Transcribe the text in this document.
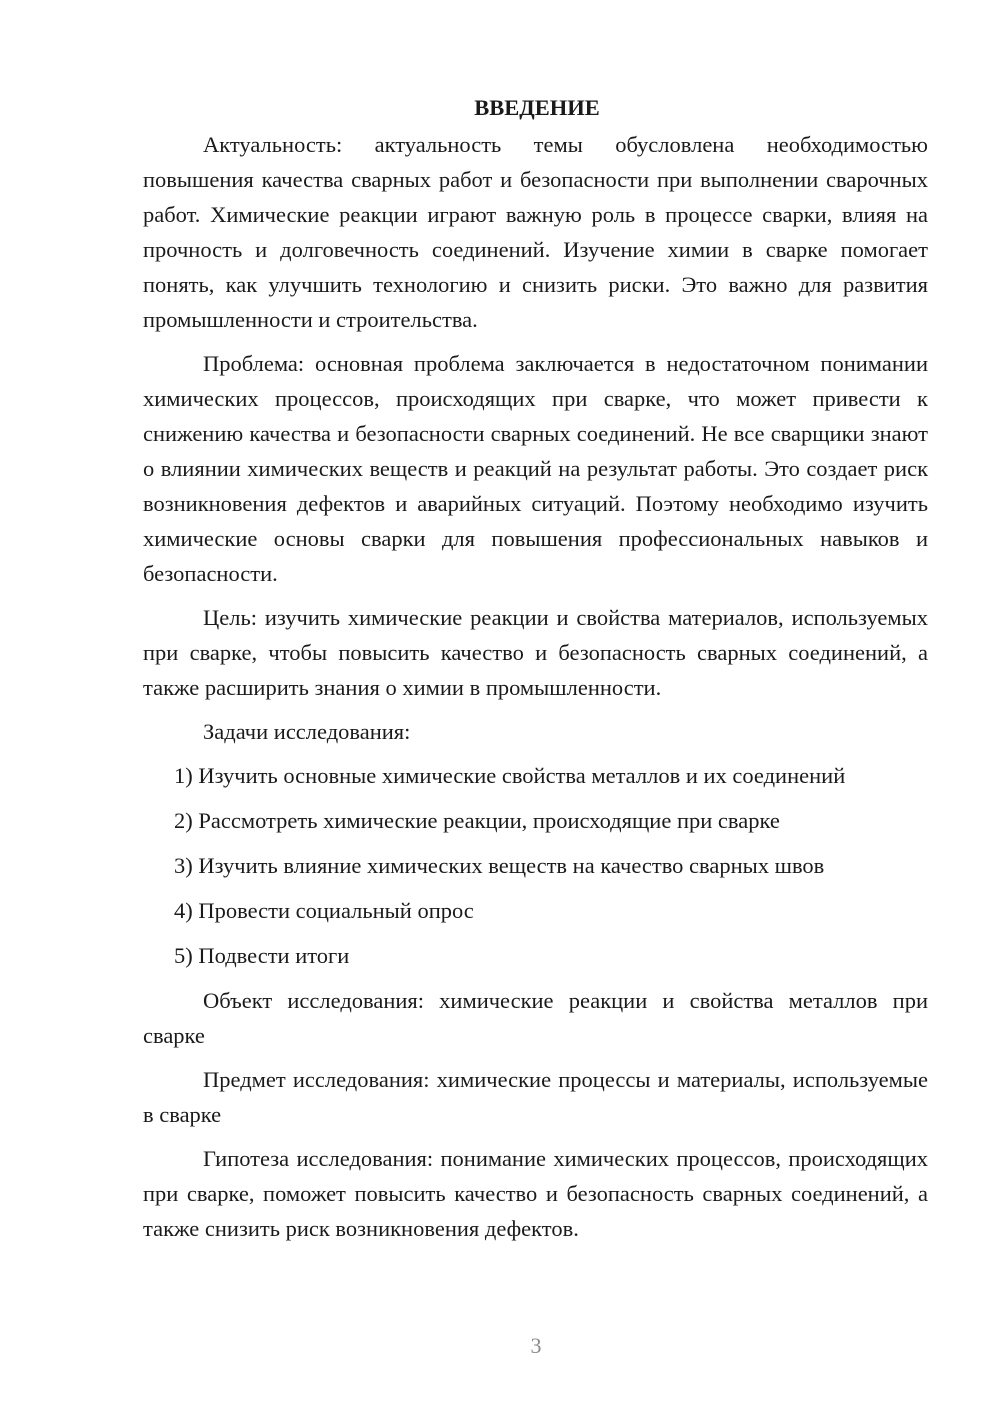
ВВЕДЕНИЕ

Актуальность: актуальность темы обусловлена необходимостью повышения качества сварных работ и безопасности при выполнении сварочных работ. Химические реакции играют важную роль в процессе сварки, влияя на прочность и долговечность соединений. Изучение химии в сварке помогает понять, как улучшить технологию и снизить риски. Это важно для развития промышленности и строительства.

Проблема: основная проблема заключается в недостаточном понимании химических процессов, происходящих при сварке, что может привести к снижению качества и безопасности сварных соединений. Не все сварщики знают о влиянии химических веществ и реакций на результат работы. Это создает риск возникновения дефектов и аварийных ситуаций. Поэтому необходимо изучить химические основы сварки для повышения профессиональных навыков и безопасности.

Цель: изучить химические реакции и свойства материалов, используемых при сварке, чтобы повысить качество и безопасность сварных соединений, а также расширить знания о химии в промышленности.

Задачи исследования:

1) Изучить основные химические свойства металлов и их соединений

2) Рассмотреть химические реакции, происходящие при сварке

3) Изучить влияние химических веществ на качество сварных швов

4) Провести социальный опрос

5) Подвести итоги

Объект исследования: химические реакции и свойства металлов при сварке

Предмет исследования: химические процессы и материалы, используемые в сварке

Гипотеза исследования: понимание химических процессов, происходящих при сварке, поможет повысить качество и безопасность сварных соединений, а также снизить риск возникновения дефектов.

3
